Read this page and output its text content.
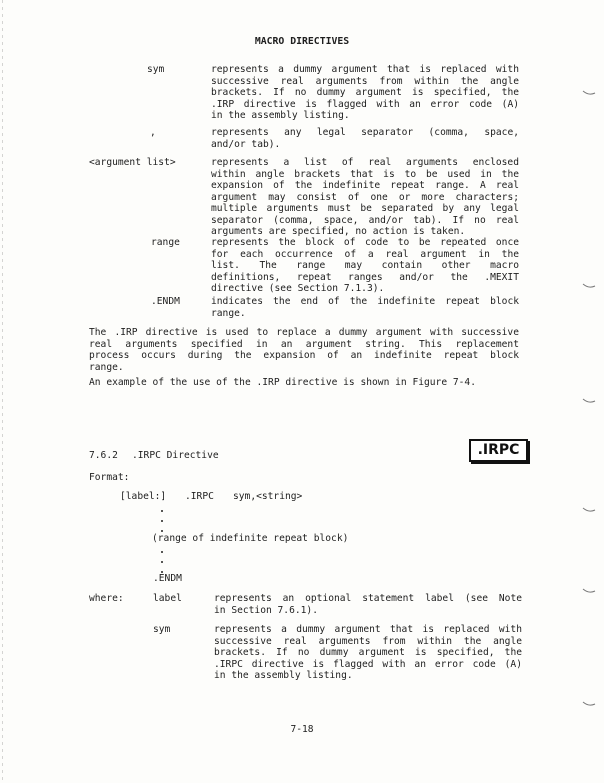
MACRO DIRECTIVES
sym	represents a dummy argument that is replaced with
successive real arguments from within the angle
brackets. If no dummy argument is specified, the
.IRP directive is flagged with an error code (A)
in the assembly listing.
,	represents any legal separator (comma, space,
and/or tab).
<argument list>	represents a list of real arguments enclosed
within angle brackets that is to be used in the
expansion of the indefinite repeat range. A real
argument may consist of one or more characters;
multiple arguments must be separated by any legal
separator (comma, space, and/or tab). If no real
arguments are specified, no action is taken.
range	represents the block of code to be repeated once
for each occurrence of a real argument in the
list. The range may contain other macro
definitions, repeat ranges and/or the .MEXIT
directive (see Section 7.1.3).
.ENDM	indicates the end of the indefinite repeat block
range.
The .IRP directive is used to replace a dummy argument with successive
real arguments specified in an argument string. This replacement
process occurs during the expansion of an indefinite repeat block
range.
An example of the use of the .IRP directive is shown in Figure 7-4.
7.6.2 .IRPC Directive	.IRPC
Format:
[label:] .IRPC sym,<string>
(range of indefinite repeat block)
.ENDM
where:	label	represents an optional statement label (see Note
in Section 7.6.1).
sym	represents a dummy argument that is replaced with
successive real arguments from within the angle
brackets. If no dummy argument is specified, the
.IRPC directive is flagged with an error code (A)
in the assembly listing.
7-18
